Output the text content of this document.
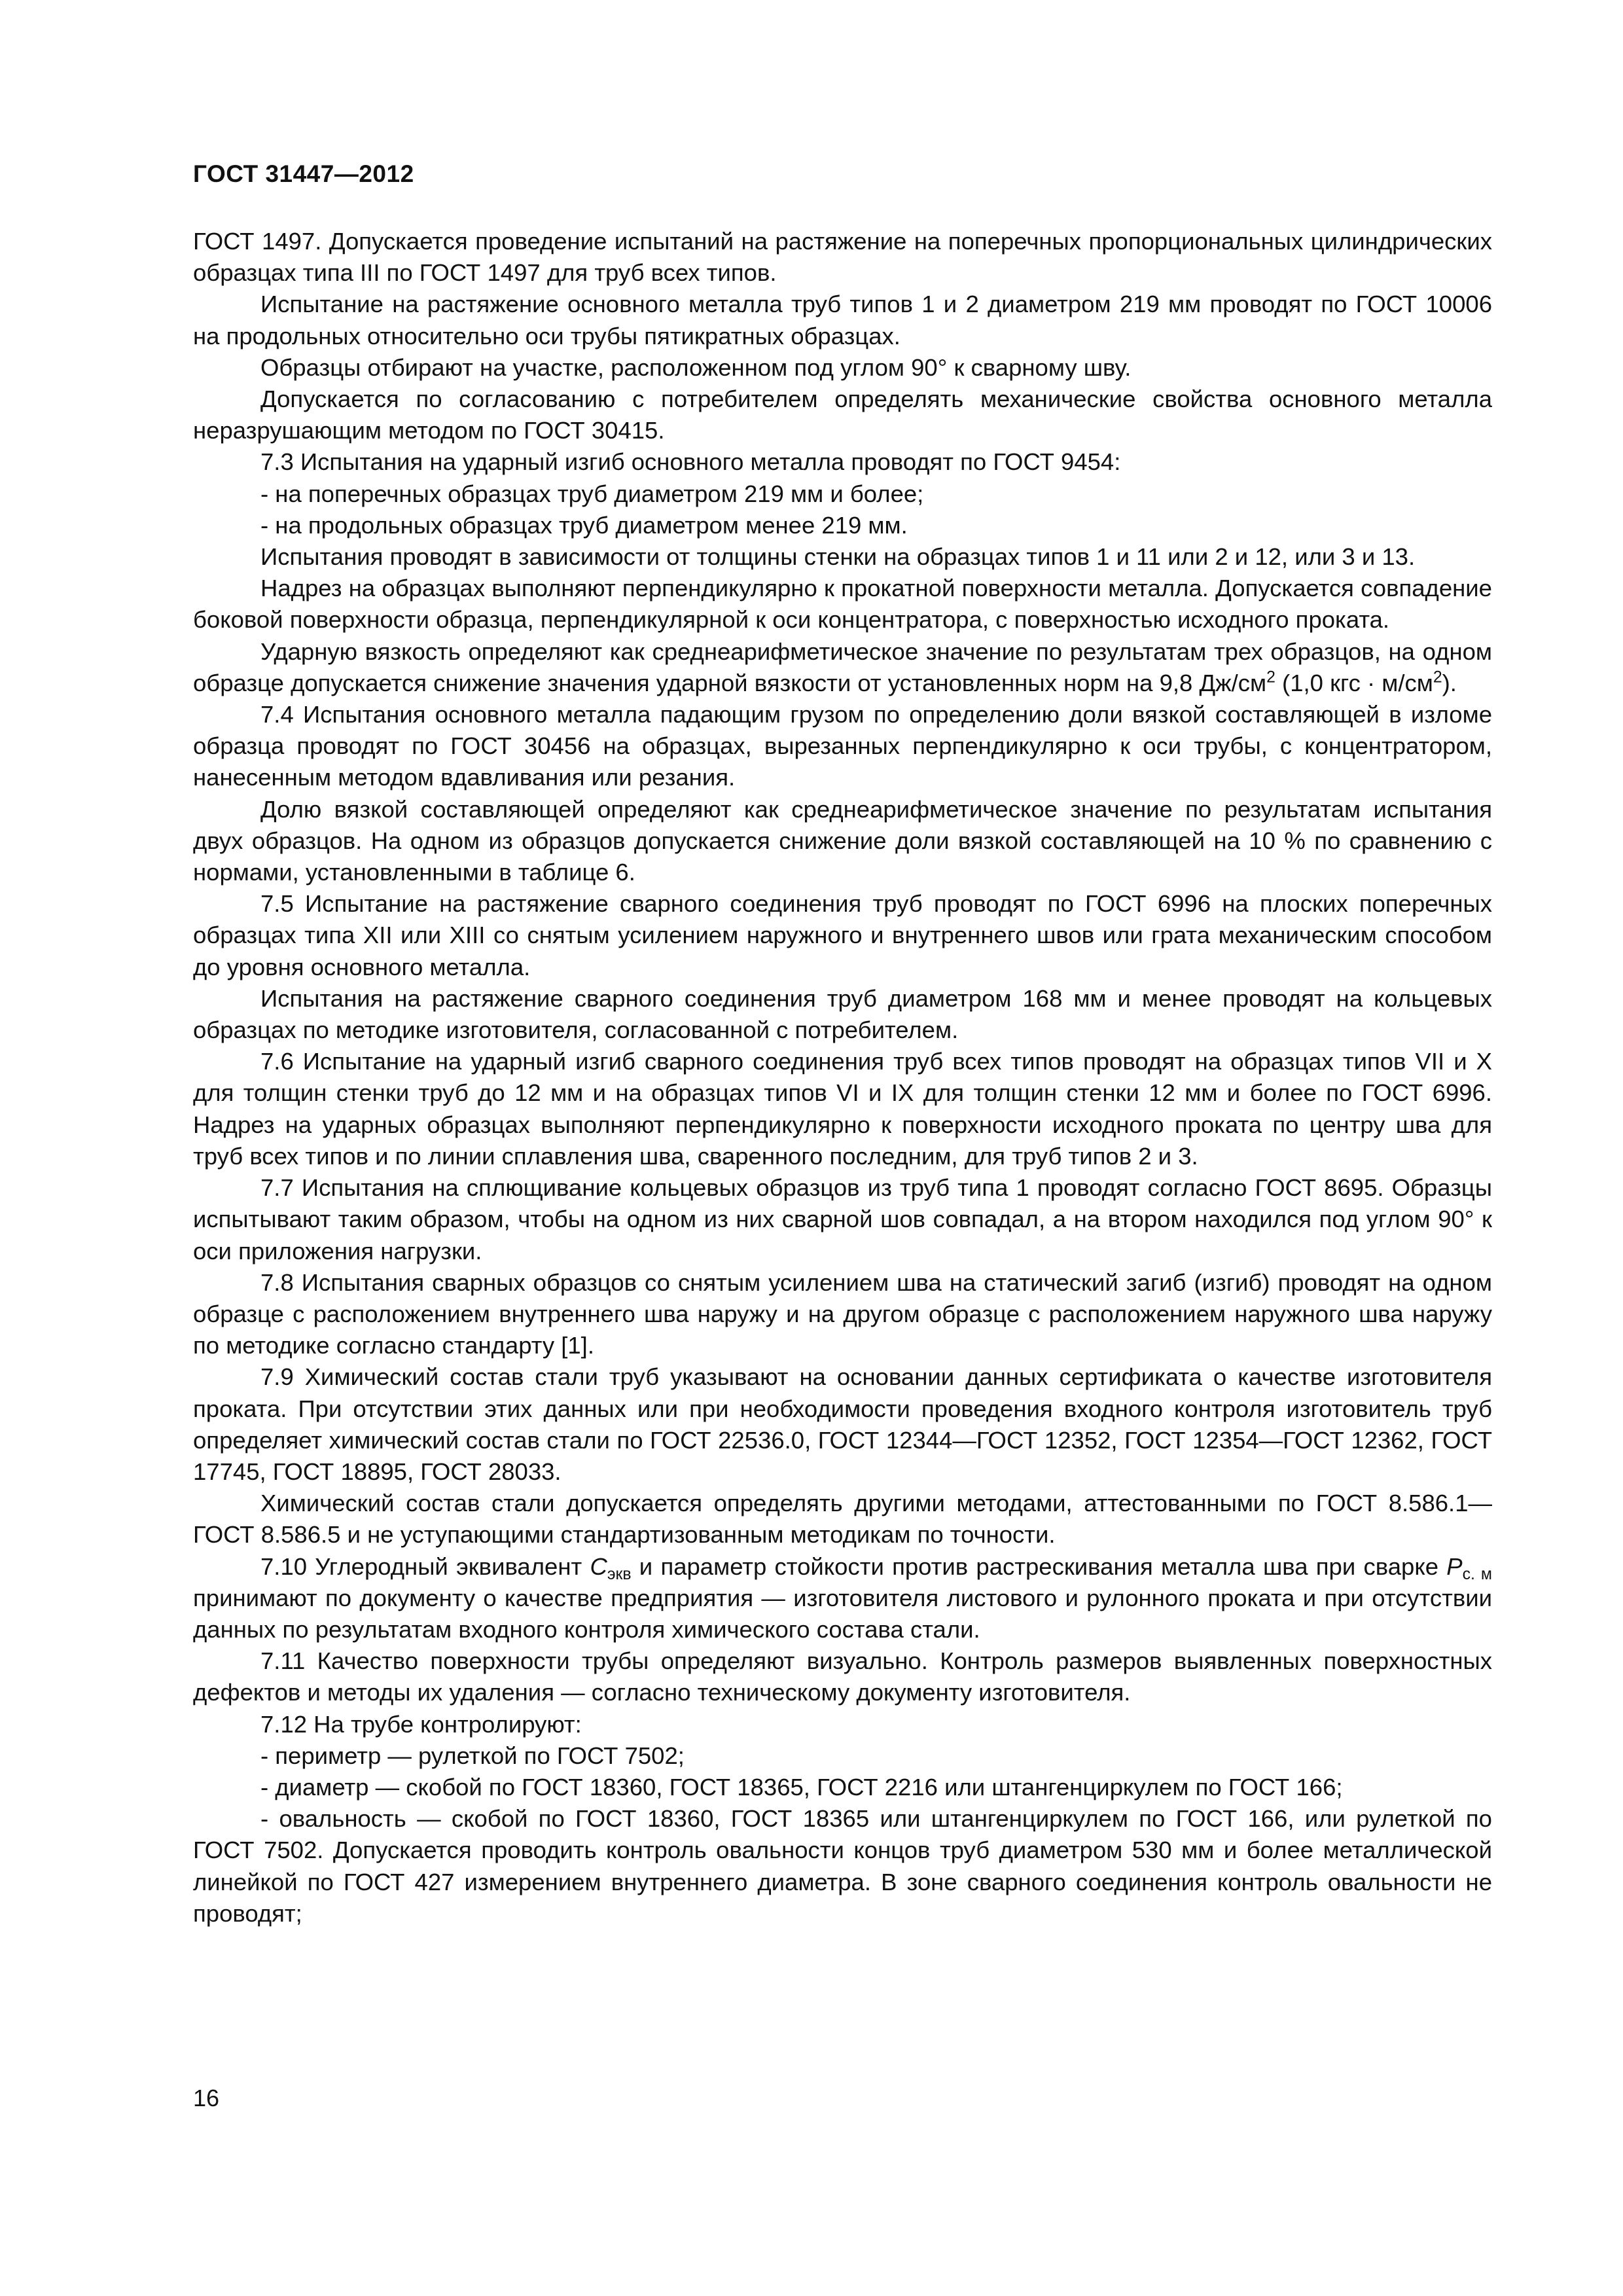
ГОСТ 31447—2012

ГОСТ 1497. Допускается проведение испытаний на растяжение на поперечных пропорциональных цилиндрических образцах типа III по ГОСТ 1497 для труб всех типов.

Испытание на растяжение основного металла труб типов 1 и 2 диаметром 219 мм проводят по ГОСТ 10006 на продольных относительно оси трубы пятикратных образцах.

Образцы отбирают на участке, расположенном под углом 90° к сварному шву.

Допускается по согласованию с потребителем определять механические свойства основного металла неразрушающим методом по ГОСТ 30415.

7.3 Испытания на ударный изгиб основного металла проводят по ГОСТ 9454:

- на поперечных образцах труб диаметром 219 мм и более;

- на продольных образцах труб диаметром менее 219 мм.

Испытания проводят в зависимости от толщины стенки на образцах типов 1 и 11 или 2 и 12, или 3 и 13.

Надрез на образцах выполняют перпендикулярно к прокатной поверхности металла. Допускается совпадение боковой поверхности образца, перпендикулярной к оси концентратора, с поверхностью исходного проката.

Ударную вязкость определяют как среднеарифметическое значение по результатам трех образцов, на одном образце допускается снижение значения ударной вязкости от установленных норм на 9,8 $Дж/см^2$ (1,0 кгс · $м/см^2$).

7.4 Испытания основного металла падающим грузом по определению доли вязкой составляющей в изломе образца проводят по ГОСТ 30456 на образцах, вырезанных перпендикулярно к оси трубы, с концентратором, нанесенным методом вдавливания или резания.

Долю вязкой составляющей определяют как среднеарифметическое значение по результатам испытания двух образцов. На одном из образцов допускается снижение доли вязкой составляющей на 10 % по сравнению с нормами, установленными в таблице 6.

7.5 Испытание на растяжение сварного соединения труб проводят по ГОСТ 6996 на плоских поперечных образцах типа XII или XIII со снятым усилением наружного и внутреннего швов или грата механическим способом до уровня основного металла.

Испытания на растяжение сварного соединения труб диаметром 168 мм и менее проводят на кольцевых образцах по методике изготовителя, согласованной с потребителем.

7.6 Испытание на ударный изгиб сварного соединения труб всех типов проводят на образцах типов VII и X для толщин стенки труб до 12 мм и на образцах типов VI и IX для толщин стенки 12 мм и более по ГОСТ 6996. Надрез на ударных образцах выполняют перпендикулярно к поверхности исходного проката по центру шва для труб всех типов и по линии сплавления шва, сваренного последним, для труб типов 2 и 3.

7.7 Испытания на сплющивание кольцевых образцов из труб типа 1 проводят согласно ГОСТ 8695. Образцы испытывают таким образом, чтобы на одном из них сварной шов совпадал, а на втором находился под углом 90° к оси приложения нагрузки.

7.8 Испытания сварных образцов со снятым усилением шва на статический загиб (изгиб) проводят на одном образце с расположением внутреннего шва наружу и на другом образце с расположением наружного шва наружу по методике согласно стандарту [1].

7.9 Химический состав стали труб указывают на основании данных сертификата о качестве изготовителя проката. При отсутствии этих данных или при необходимости проведения входного контроля изготовитель труб определяет химический состав стали по ГОСТ 22536.0, ГОСТ 12344—ГОСТ 12352, ГОСТ 12354—ГОСТ 12362, ГОСТ 17745, ГОСТ 18895, ГОСТ 28033.

Химический состав стали допускается определять другими методами, аттестованными по ГОСТ 8.586.1—ГОСТ 8.586.5 и не уступающими стандартизованным методикам по точности.

7.10 Углеродный эквивалент $C_{экв}$ и параметр стойкости против растрескивания металла шва при сварке $P_{с. м}$ принимают по документу о качестве предприятия — изготовителя листового и рулонного проката и при отсутствии данных по результатам входного контроля химического состава стали.

7.11 Качество поверхности трубы определяют визуально. Контроль размеров выявленных поверхностных дефектов и методы их удаления — согласно техническому документу изготовителя.

7.12 На трубе контролируют:

- периметр — рулеткой по ГОСТ 7502;

- диаметр — скобой по ГОСТ 18360, ГОСТ 18365, ГОСТ 2216 или штангенциркулем по ГОСТ 166;

- овальность — скобой по ГОСТ 18360, ГОСТ 18365 или штангенциркулем по ГОСТ 166, или рулеткой по ГОСТ 7502. Допускается проводить контроль овальности концов труб диаметром 530 мм и более металлической линейкой по ГОСТ 427 измерением внутреннего диаметра. В зоне сварного соединения контроль овальности не проводят;

16
